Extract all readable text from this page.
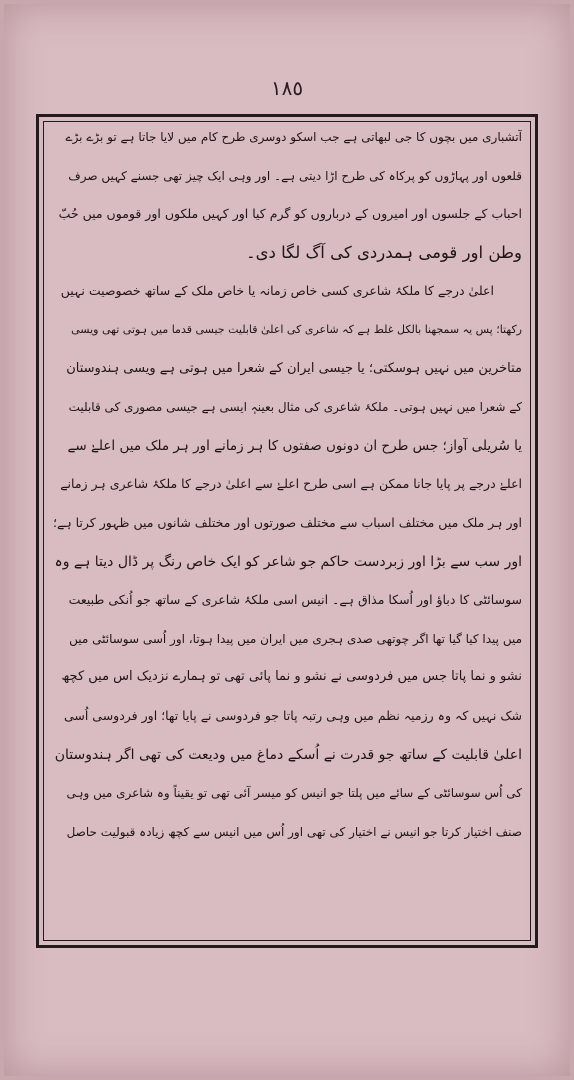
١٨٥
آتشباری میں بچوں کا جی لبھاتی ہے جب اسکو دوسری طرح کام میں لایا جاتا ہے تو بڑے بڑے
قلعوں اور پہاڑوں کو پرکاہ کی طرح اڑا دیتی ہے۔ اور وہی ایک چیز تھی جسنے کہیں صرف
احباب کے جلسوں اور امیروں کے درباروں کو گرم کیا اور کہیں ملکوں اور قوموں میں حُبّ
وطن اور قومی ہمدردی کی آگ لگا دی۔
اعلیٰ درجے کا ملکۂ شاعری کسی خاص زمانہ یا خاص ملک کے ساتھ خصوصیت نہیں
رکھتا؛ پس یہ سمجھنا بالکل غلط ہے کہ شاعری کی اعلیٰ قابلیت جیسی قدما میں ہوتی تھی ویسی
متاخرین میں نہیں ہوسکتی؛ یا جیسی ایران کے شعرا میں ہوتی ہے ویسی ہندوستان
کے شعرا میں نہیں ہوتی۔ ملکۂ شاعری کی مثال بعینہٖ ایسی ہے جیسی مصوری کی قابلیت
یا سُریلی آواز؛ جس طرح ان دونوں صفتوں کا ہر زمانے اور ہر ملک میں اعلےٰ سے
اعلےٰ درجے پر پایا جانا ممکن ہے اسی طرح اعلےٰ سے اعلیٰ درجے کا ملکۂ شاعری ہر زمانے
اور ہر ملک میں مختلف اسباب سے مختلف صورتوں اور مختلف شانوں میں ظہور کرتا ہے؛
اور سب سے بڑا اور زبردست حاکم جو شاعر کو ایک خاص رنگ پر ڈال دیتا ہے وہ
سوسائٹی کا دباؤ اور اُسکا مذاق ہے۔ انیس اسی ملکۂ شاعری کے ساتھ جو اُنکی طبیعت
میں پیدا کیا گیا تھا اگر چوتھی صدی ہجری میں ایران میں پیدا ہوتا، اور اُسی سوسائٹی میں
نشو و نما پاتا جس میں فردوسی نے نشو و نما پائی تھی تو ہمارے نزدیک اس میں کچھ
شک نہیں کہ وہ رزمیہ نظم میں وہی رتبہ پاتا جو فردوسی نے پایا تھا؛ اور فردوسی اُسی
اعلیٰ قابلیت کے ساتھ جو قدرت نے اُسکے دماغ میں ودیعت کی تھی اگر ہندوستان
کی اُس سوسائٹی کے سائے میں پلتا جو انیس کو میسر آئی تھی تو یقیناً وہ شاعری میں وہی
صنف اختیار کرتا جو انیس نے اختیار کی تھی اور اُس میں انیس سے کچھ زیادہ قبولیت حاصل
